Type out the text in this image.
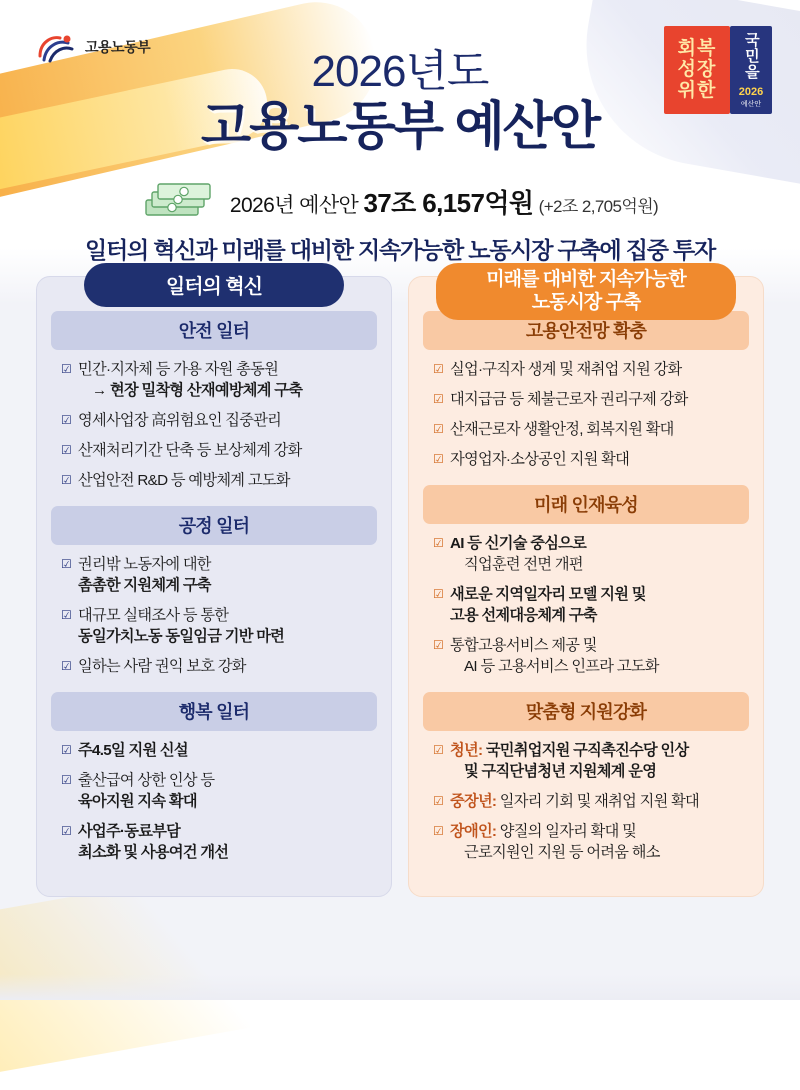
고용노동부	회복
성장
위한
국민을
2026
예산안
2026년도
고용노동부 예산안
2026년 예산안 37조 6,157억원 (+2조 2,705억원)
일터의 혁신과 미래를 대비한 지속가능한 노동시장 구축에 집중 투자
일터의 혁신
안전 일터
☑ 민간·지자체 등 가용 자원 총동원
→ 현장 밀착형 산재예방체계 구축
☑ 영세사업장 高위험요인 집중관리
☑ 산재처리기간 단축 등 보상체계 강화
☑ 산업안전 R&D 등 예방체계 고도화
공정 일터
☑ 권리밖 노동자에 대한
촘촘한 지원체계 구축
☑ 대규모 실태조사 등 통한
동일가치노동 동일임금 기반 마련
☑ 일하는 사람 권익 보호 강화
행복 일터
☑ 주4.5일 지원 신설
☑ 출산급여 상한 인상 등
육아지원 지속 확대
☑ 사업주·동료부담
최소화 및 사용여건 개선
미래를 대비한 지속가능한
노동시장 구축
고용안전망 확충
☑ 실업·구직자 생계 및 재취업 지원 강화
☑ 대지급금 등 체불근로자 권리구제 강화
☑ 산재근로자 생활안정, 회복지원 확대
☑ 자영업자·소상공인 지원 확대
미래 인재육성
☑ AI 등 신기술 중심으로
직업훈련 전면 개편
☑ 새로운 지역일자리 모델 지원 및
고용 선제대응체계 구축
☑ 통합고용서비스 제공 및
AI 등 고용서비스 인프라 고도화
맞춤형 지원강화
☑ 청년: 국민취업지원 구직촉진수당 인상
및 구직단념청년 지원체계 운영
☑ 중장년: 일자리 기회 및 재취업 지원 확대
☑ 장애인: 양질의 일자리 확대 및
근로지원인 지원 등 어려움 해소
